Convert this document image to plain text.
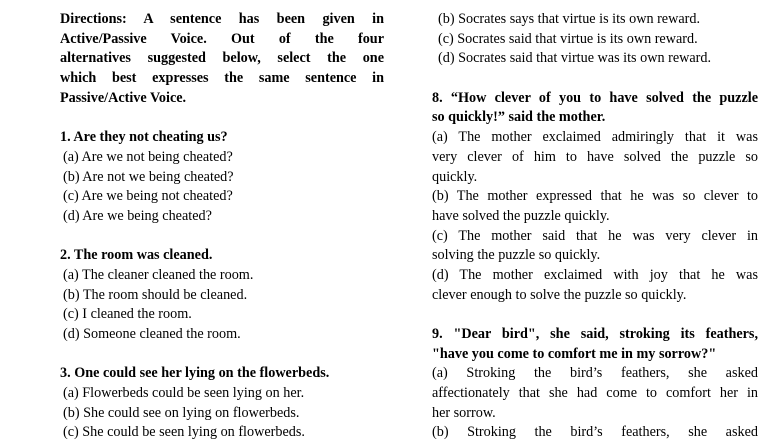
Directions: A sentence has been given in
Active/Passive Voice. Out of the four
alternatives suggested below, select the one
which best expresses the same sentence in
Passive/Active Voice.
1. Are they not cheating us?
(a) Are we not being cheated?
(b) Are not we being cheated?
(c) Are we being not cheated?
(d) Are we being cheated?
2. The room was cleaned.
(a) The cleaner cleaned the room.
(b) The room should be cleaned.
(c) I cleaned the room.
(d) Someone cleaned the room.
3. One could see her lying on the flowerbeds.
(a) Flowerbeds could be seen lying on her.
(b) She could see on lying on flowerbeds.
(c) She could be seen lying on flowerbeds.
(b) Socrates says that virtue is its own reward.
(c) Socrates said that virtue is its own reward.
(d) Socrates said that virtue was its own reward.
8. “How clever of you to have solved the puzzle
so quickly!” said the mother.
(a) The mother exclaimed admiringly that it was
very clever of him to have solved the puzzle so
quickly.
(b) The mother expressed that he was so clever to
have solved the puzzle quickly.
(c) The mother said that he was very clever in
solving the puzzle so quickly.
(d) The mother exclaimed with joy that he was
clever enough to solve the puzzle so quickly.
9. "Dear bird", she said, stroking its feathers,
"have you come to comfort me in my sorrow?"
(a) Stroking the bird’s feathers, she asked
affectionately that she had come to comfort her in
her sorrow.
(b) Stroking the bird’s feathers, she asked
